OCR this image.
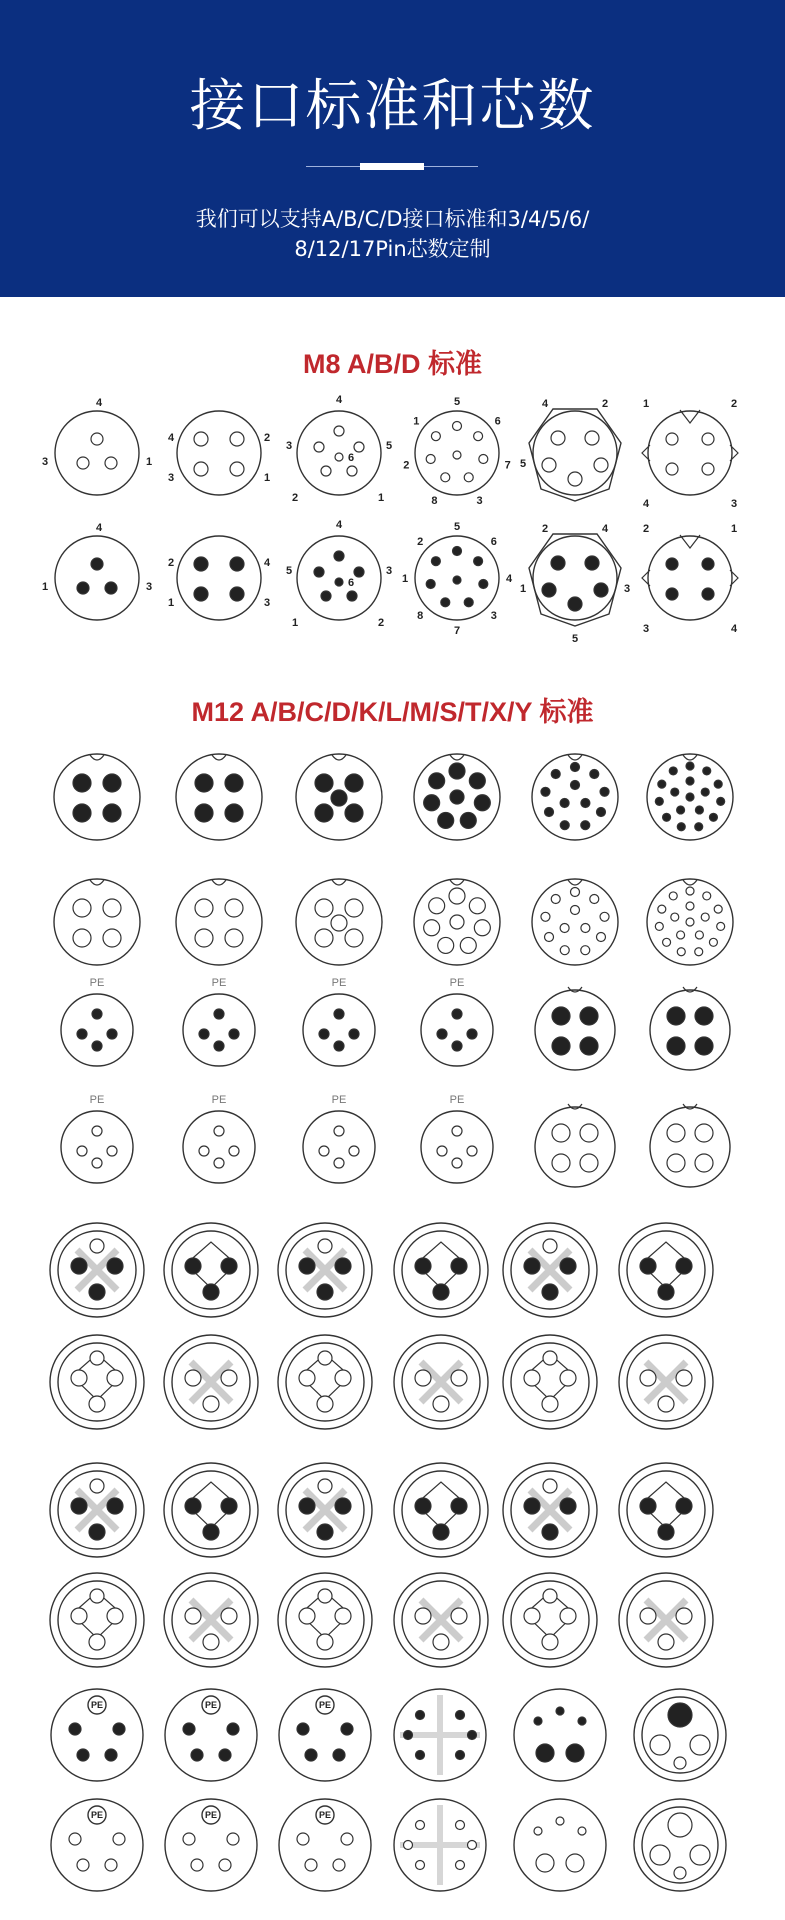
接口标准和芯数
我们可以支持A/B/C/D接口标准和3/4/5/6/
8/12/17Pin芯数定制
M8 A/B/D 标准
M12 A/B/C/D/K/L/M/S/T/X/Y 标准
4
3	1
4	2
3	1
4
3	5
6
2	1
5
6
7
3
8
2
1
4	2
5
1	2
4	3
4
1	3
2	4
1	3
4
5	3
6
1	2
5
6
4
3
7
8
1
2
2	4
1	3
5
2	1
3	4
PE	PE	PE	PE
PE	PE	PE	PE
PE	PE	PE
PE	PE	PE
